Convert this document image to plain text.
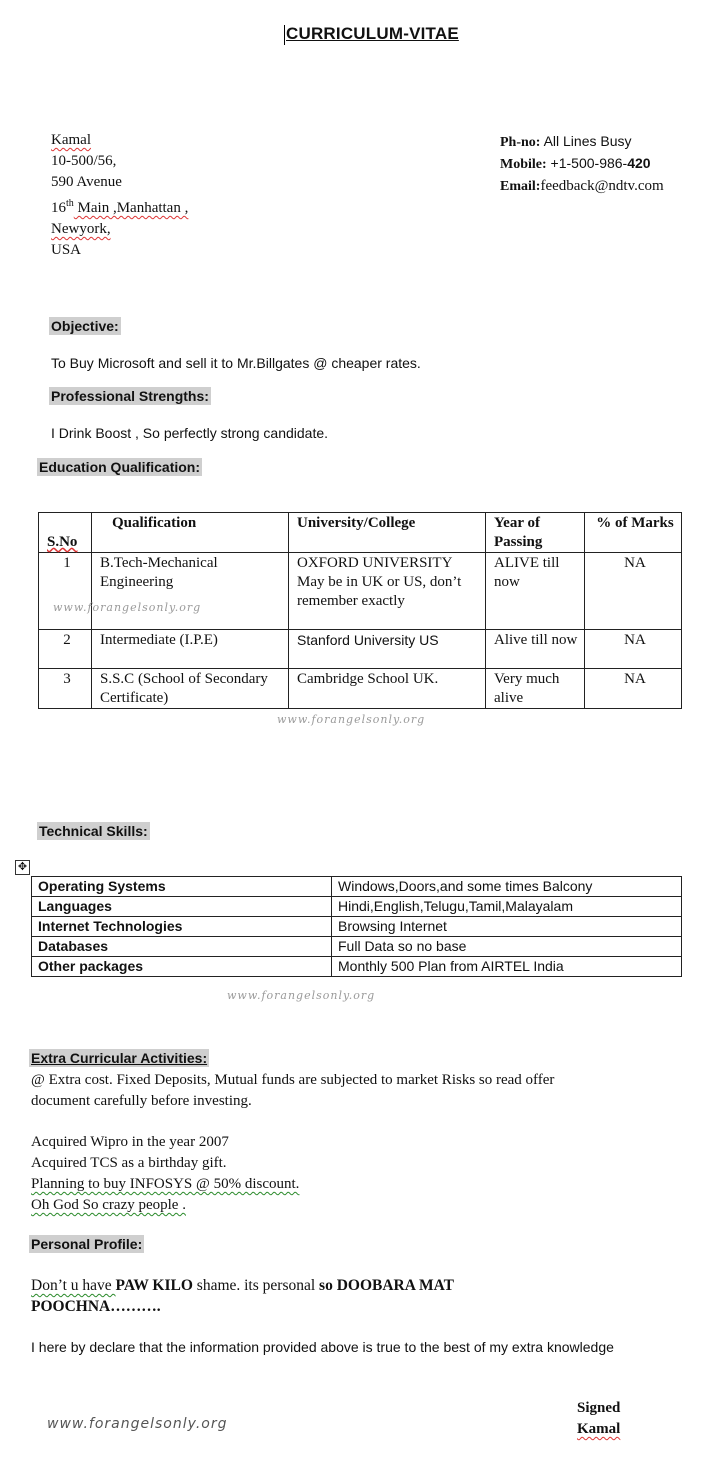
CURRICULUM-VITAE
Kamal
10-500/56,
590 Avenue
16th Main ,Manhattan ,
Newyork,
USA
Ph-no: All Lines Busy
Mobile: +1-500-986-420
Email:feedback@ndtv.com
Objective:
To Buy Microsoft and sell it to Mr.Billgates @ cheaper rates.
Professional Strengths:
I Drink Boost , So perfectly strong candidate.
Education Qualification:
S.No	Qualification	University/College	Year of Passing	% of Marks
1	B.Tech-Mechanical Engineering	OXFORD UNIVERSITY May be in UK or US, don’t remember exactly	ALIVE till now	NA
2	Intermediate (I.P.E)	Stanford University US	Alive till now	NA
3	S.S.C (School of Secondary Certificate)	Cambridge School UK.	Very much alive	NA
www.forangelsonly.org
www.forangelsonly.org
Technical Skills:
✥
Operating Systems	Windows,Doors,and some times Balcony
Languages	Hindi,English,Telugu,Tamil,Malayalam
Internet Technologies	Browsing Internet
Databases	Full Data so no base
Other packages	Monthly 500 Plan from AIRTEL India
www.forangelsonly.org
Extra Curricular Activities:
@ Extra cost. Fixed Deposits, Mutual funds are subjected to market Risks so read offer
document carefully before investing.
Acquired Wipro in the year 2007
Acquired TCS as a birthday gift.
Planning to buy INFOSYS @ 50% discount.
Oh God So crazy people .
Personal Profile:
Don’t u have PAW KILO shame. its personal so DOOBARA MAT
POOCHNA……….
I here by declare that the information provided above is true to the best of my extra knowledge
Signed
Kamal
www.forangelsonly.org
